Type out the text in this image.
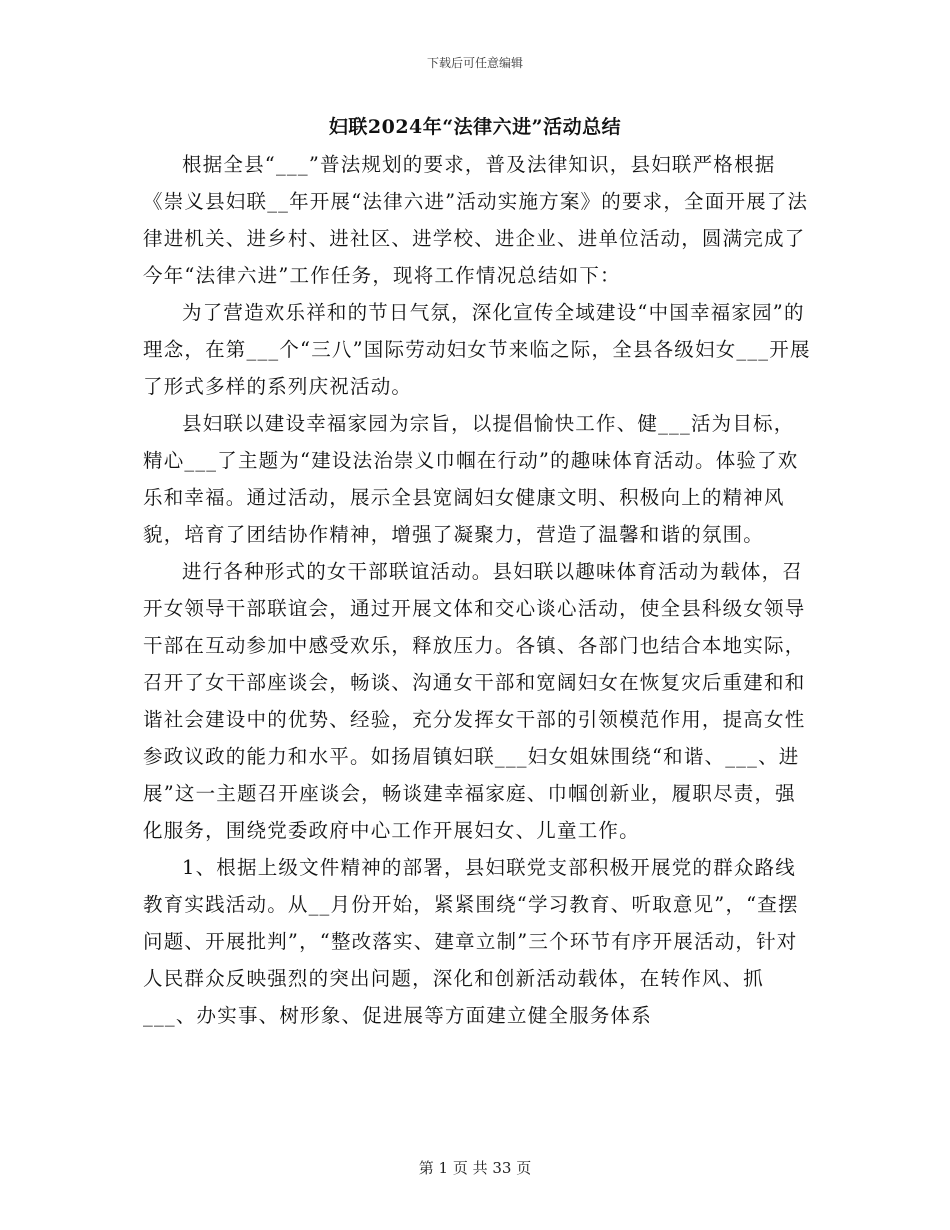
下载后可任意编辑
妇联2024年“法律六进”活动总结

根据全县“___”普法规划的要求，普及法律知识，县妇联严格根据《崇义县妇联__年开展“法律六进”活动实施方案》的要求，全面开展了法律进机关、进乡村、进社区、进学校、进企业、进单位活动，圆满完成了今年“法律六进”工作任务，现将工作情况总结如下：

为了营造欢乐祥和的节日气氛，深化宣传全域建设“中国幸福家园”的理念，在第___个“三八”国际劳动妇女节来临之际，全县各级妇女___开展了形式多样的系列庆祝活动。

县妇联以建设幸福家园为宗旨，以提倡愉快工作、健___活为目标，精心___了主题为“建设法治崇义巾帼在行动”的趣味体育活动。体验了欢乐和幸福。通过活动，展示全县宽阔妇女健康文明、积极向上的精神风貌，培育了团结协作精神，增强了凝聚力，营造了温馨和谐的氛围。

进行各种形式的女干部联谊活动。县妇联以趣味体育活动为载体，召开女领导干部联谊会，通过开展文体和交心谈心活动，使全县科级女领导干部在互动参加中感受欢乐，释放压力。各镇、各部门也结合本地实际，召开了女干部座谈会，畅谈、沟通女干部和宽阔妇女在恢复灾后重建和和谐社会建设中的优势、经验，充分发挥女干部的引领模范作用，提高女性参政议政的能力和水平。如扬眉镇妇联___妇女姐妹围绕“和谐、___、进展”这一主题召开座谈会，畅谈建幸福家庭、巾帼创新业，履职尽责，强化服务，围绕党委政府中心工作开展妇女、儿童工作。

1、根据上级文件精神的部署，县妇联党支部积极开展党的群众路线教育实践活动。从__月份开始，紧紧围绕“学习教育、听取意见”，“查摆问题、开展批判”，“整改落实、建章立制”三个环节有序开展活动，针对人民群众反映强烈的突出问题，深化和创新活动载体，在转作风、抓___、办实事、树形象、促进展等方面建立健全服务体系

第 1 页 共 33 页
